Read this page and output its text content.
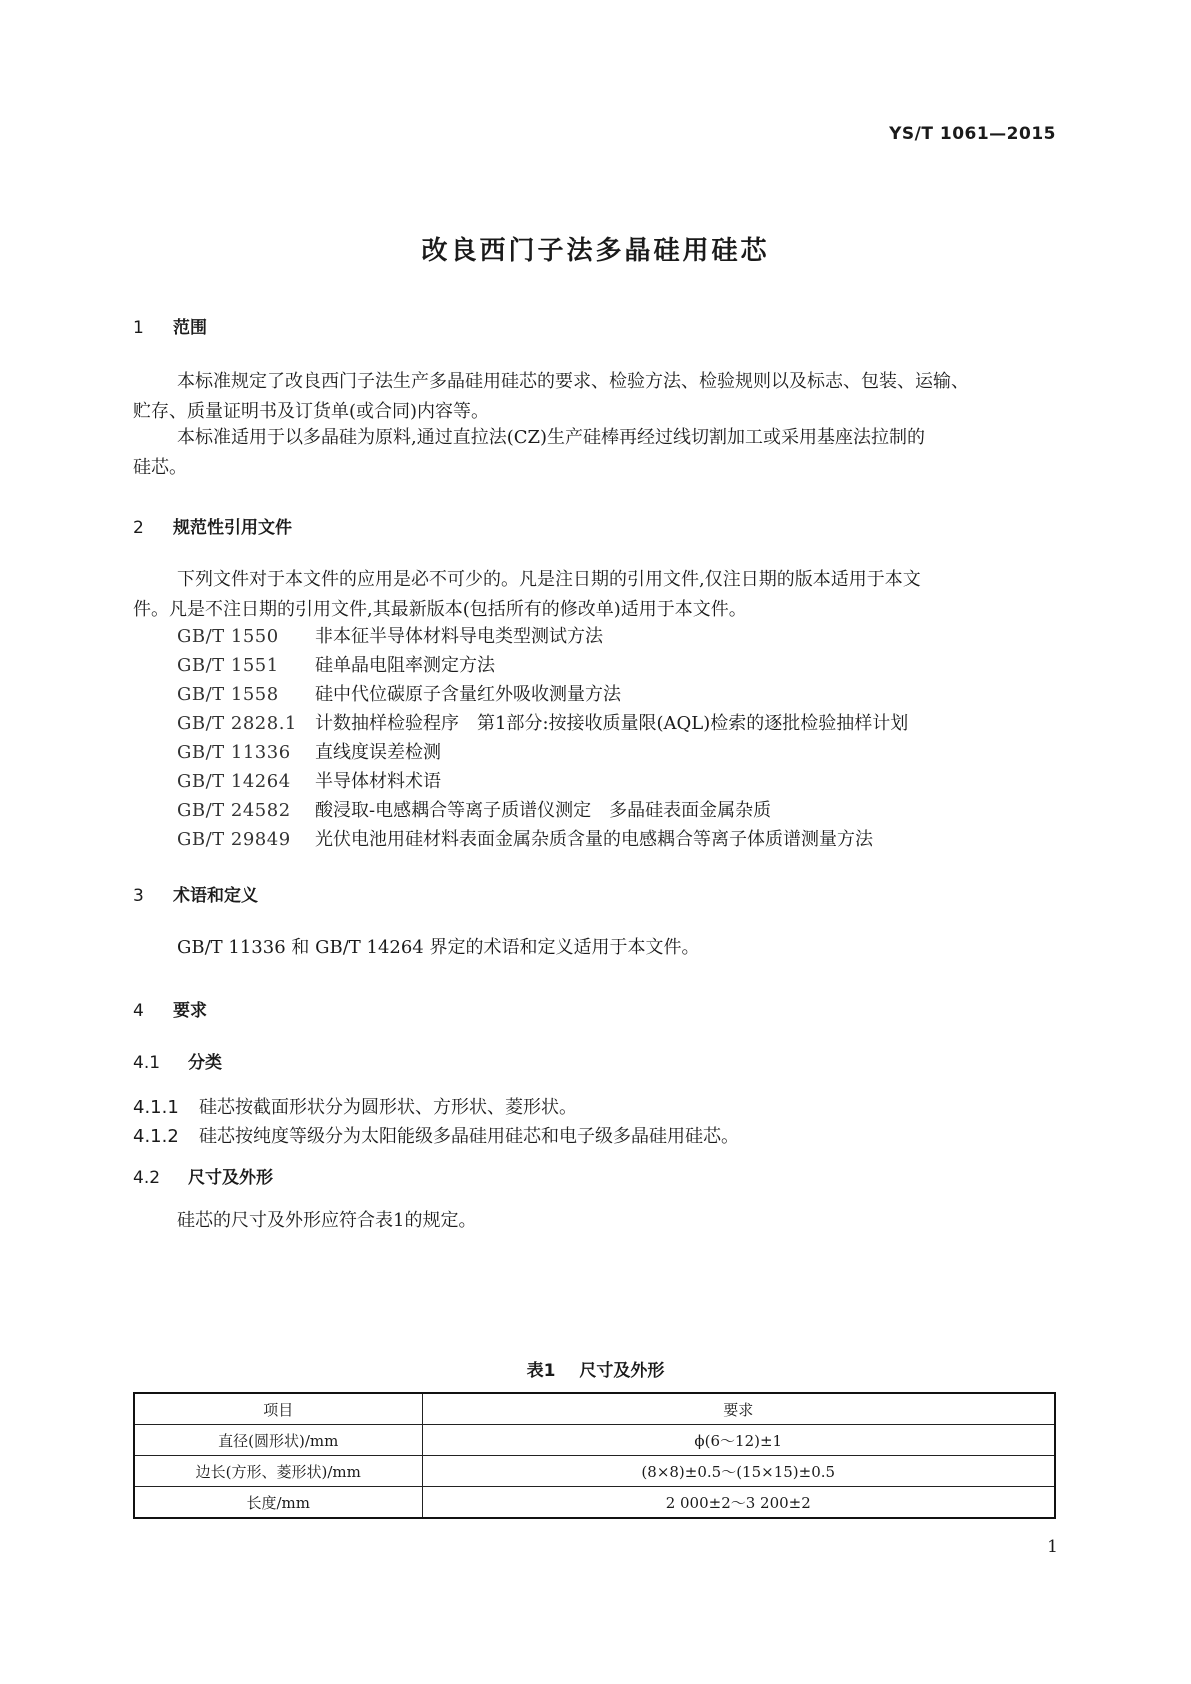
YS/T 1061—2015
改良西门子法多晶硅用硅芯
1 范围
本标准规定了改良西门子法生产多晶硅用硅芯的要求、检验方法、检验规则以及标志、包装、运输、
贮存、质量证明书及订货单(或合同)内容等。
本标准适用于以多晶硅为原料,通过直拉法(CZ)生产硅棒再经过线切割加工或采用基座法拉制的
硅芯。
2 规范性引用文件
下列文件对于本文件的应用是必不可少的。凡是注日期的引用文件,仅注日期的版本适用于本文
件。凡是不注日期的引用文件,其最新版本(包括所有的修改单)适用于本文件。
GB/T 1550 非本征半导体材料导电类型测试方法
GB/T 1551 硅单晶电阻率测定方法
GB/T 1558 硅中代位碳原子含量红外吸收测量方法
GB/T 2828.1 计数抽样检验程序　第1部分:按接收质量限(AQL)检索的逐批检验抽样计划
GB/T 11336 直线度误差检测
GB/T 14264 半导体材料术语
GB/T 24582 酸浸取-电感耦合等离子质谱仪测定　多晶硅表面金属杂质
GB/T 29849 光伏电池用硅材料表面金属杂质含量的电感耦合等离子体质谱测量方法
3 术语和定义
GB/T 11336 和 GB/T 14264 界定的术语和定义适用于本文件。
4 要求
4.1 分类
4.1.1 硅芯按截面形状分为圆形状、方形状、菱形状。
4.1.2 硅芯按纯度等级分为太阳能级多晶硅用硅芯和电子级多晶硅用硅芯。
4.2 尺寸及外形
硅芯的尺寸及外形应符合表1的规定。
表1 尺寸及外形
项目	要求
直径(圆形状)/mm	ϕ(6～12)±1
边长(方形、菱形状)/mm	(8×8)±0.5～(15×15)±0.5
长度/mm	2 000±2～3 200±2
1
